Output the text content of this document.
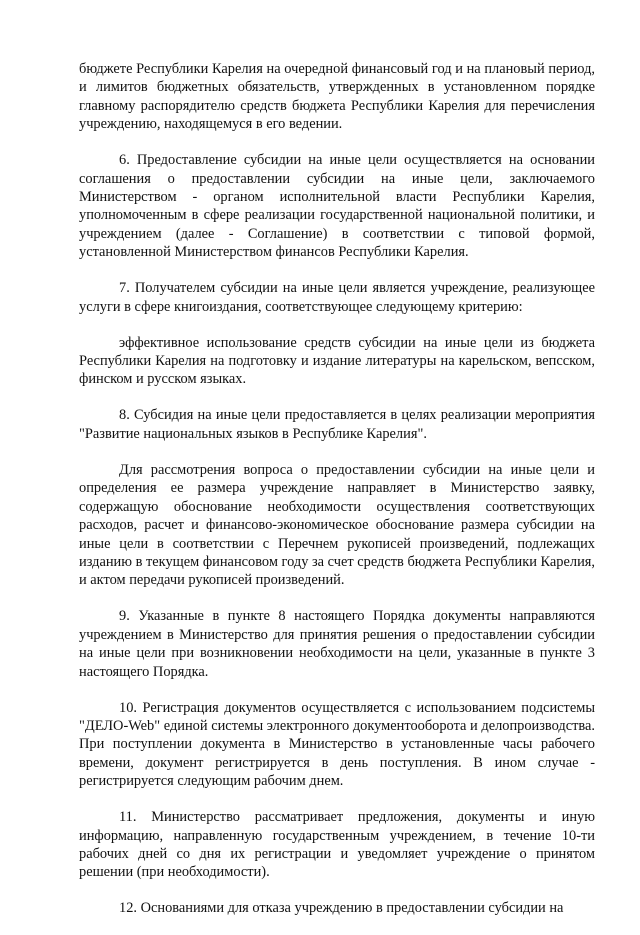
бюджете Республики Карелия на очередной финансовый год и на плановый период, и лимитов бюджетных обязательств, утвержденных в установленном порядке главному распорядителю средств бюджета Республики Карелия для перечисления учреждению, находящемуся в его ведении.

6. Предоставление субсидии на иные цели осуществляется на основании соглашения о предоставлении субсидии на иные цели, заключаемого Министерством - органом исполнительной власти Республики Карелия, уполномоченным в сфере реализации государственной национальной политики, и учреждением (далее - Соглашение) в соответствии с типовой формой, установленной Министерством финансов Республики Карелия.

7. Получателем субсидии на иные цели является учреждение, реализующее услуги в сфере книгоиздания, соответствующее следующему критерию:

эффективное использование средств субсидии на иные цели из бюджета Республики Карелия на подготовку и издание литературы на карельском, вепсском, финском и русском языках.

8. Субсидия на иные цели предоставляется в целях реализации мероприятия "Развитие национальных языков в Республике Карелия".

Для рассмотрения вопроса о предоставлении субсидии на иные цели и определения ее размера учреждение направляет в Министерство заявку, содержащую обоснование необходимости осуществления соответствующих расходов, расчет и финансово-экономическое обоснование размера субсидии на иные цели в соответствии с Перечнем рукописей произведений, подлежащих изданию в текущем финансовом году за счет средств бюджета Республики Карелия, и актом передачи рукописей произведений.

9. Указанные в пункте 8 настоящего Порядка документы направляются учреждением в Министерство для принятия решения о предоставлении субсидии на иные цели при возникновении необходимости на цели, указанные в пункте 3 настоящего Порядка.

10. Регистрация документов осуществляется с использованием подсистемы "ДЕЛО-Web" единой системы электронного документооборота и делопроизводства. При поступлении документа в Министерство в установленные часы рабочего времени, документ регистрируется в день поступления. В ином случае - регистрируется следующим рабочим днем.

11. Министерство рассматривает предложения, документы и иную информацию, направленную государственным учреждением, в течение 10-ти рабочих дней со дня их регистрации и уведомляет учреждение о принятом решении (при необходимости).

12. Основаниями для отказа учреждению в предоставлении субсидии на
